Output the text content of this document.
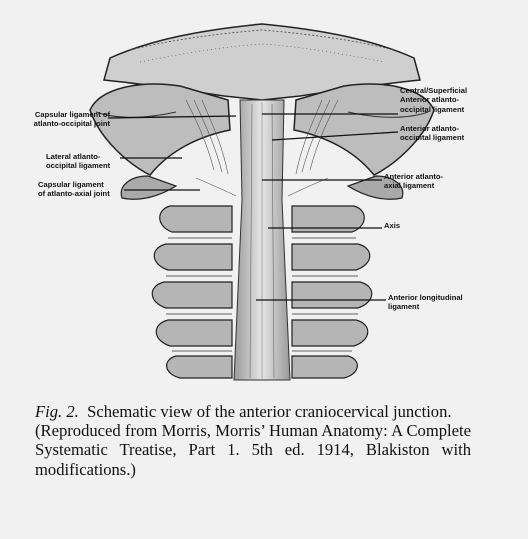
Capsular ligament of
atlanto-occipital joint

Lateral atlanto-
occipital ligament

Capsular ligament
of atlanto-axial joint

Central/Superficial
Anterior atlanto-
occipital ligament

Anterior atlanto-
occipital ligament

Anterior atlanto-
axial ligament

Axis

Anterior longitudinal
ligament

Fig. 2. Schematic view of the anterior craniocervical junction.

(Reproduced from Morris, Morris’ Human Anatomy: A Complete Systematic Treatise, Part 1. 5th ed. 1914, Blakiston with modifications.)
